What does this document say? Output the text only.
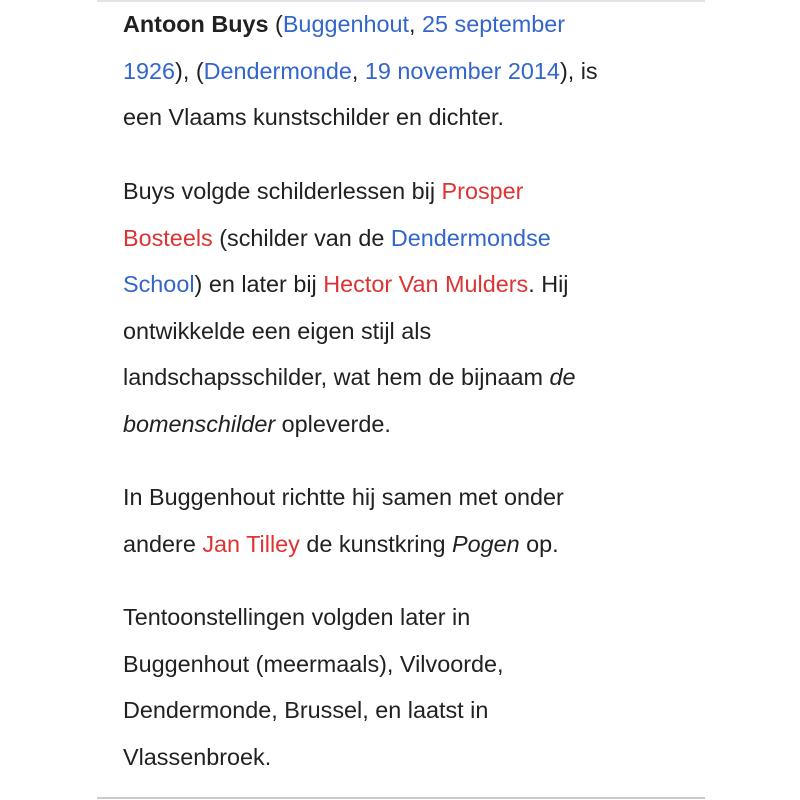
Antoon Buys (Buggenhout, 25 september
1926), (Dendermonde, 19 november 2014), is
een Vlaams kunstschilder en dichter.

Buys volgde schilderlessen bij Prosper
Bosteels (schilder van de Dendermondse
School) en later bij Hector Van Mulders. Hij
ontwikkelde een eigen stijl als
landschapsschilder, wat hem de bijnaam de
bomenschilder opleverde.

In Buggenhout richtte hij samen met onder
andere Jan Tilley de kunstkring Pogen op.

Tentoonstellingen volgden later in
Buggenhout (meermaals), Vilvoorde,
Dendermonde, Brussel, en laatst in
Vlassenbroek.
